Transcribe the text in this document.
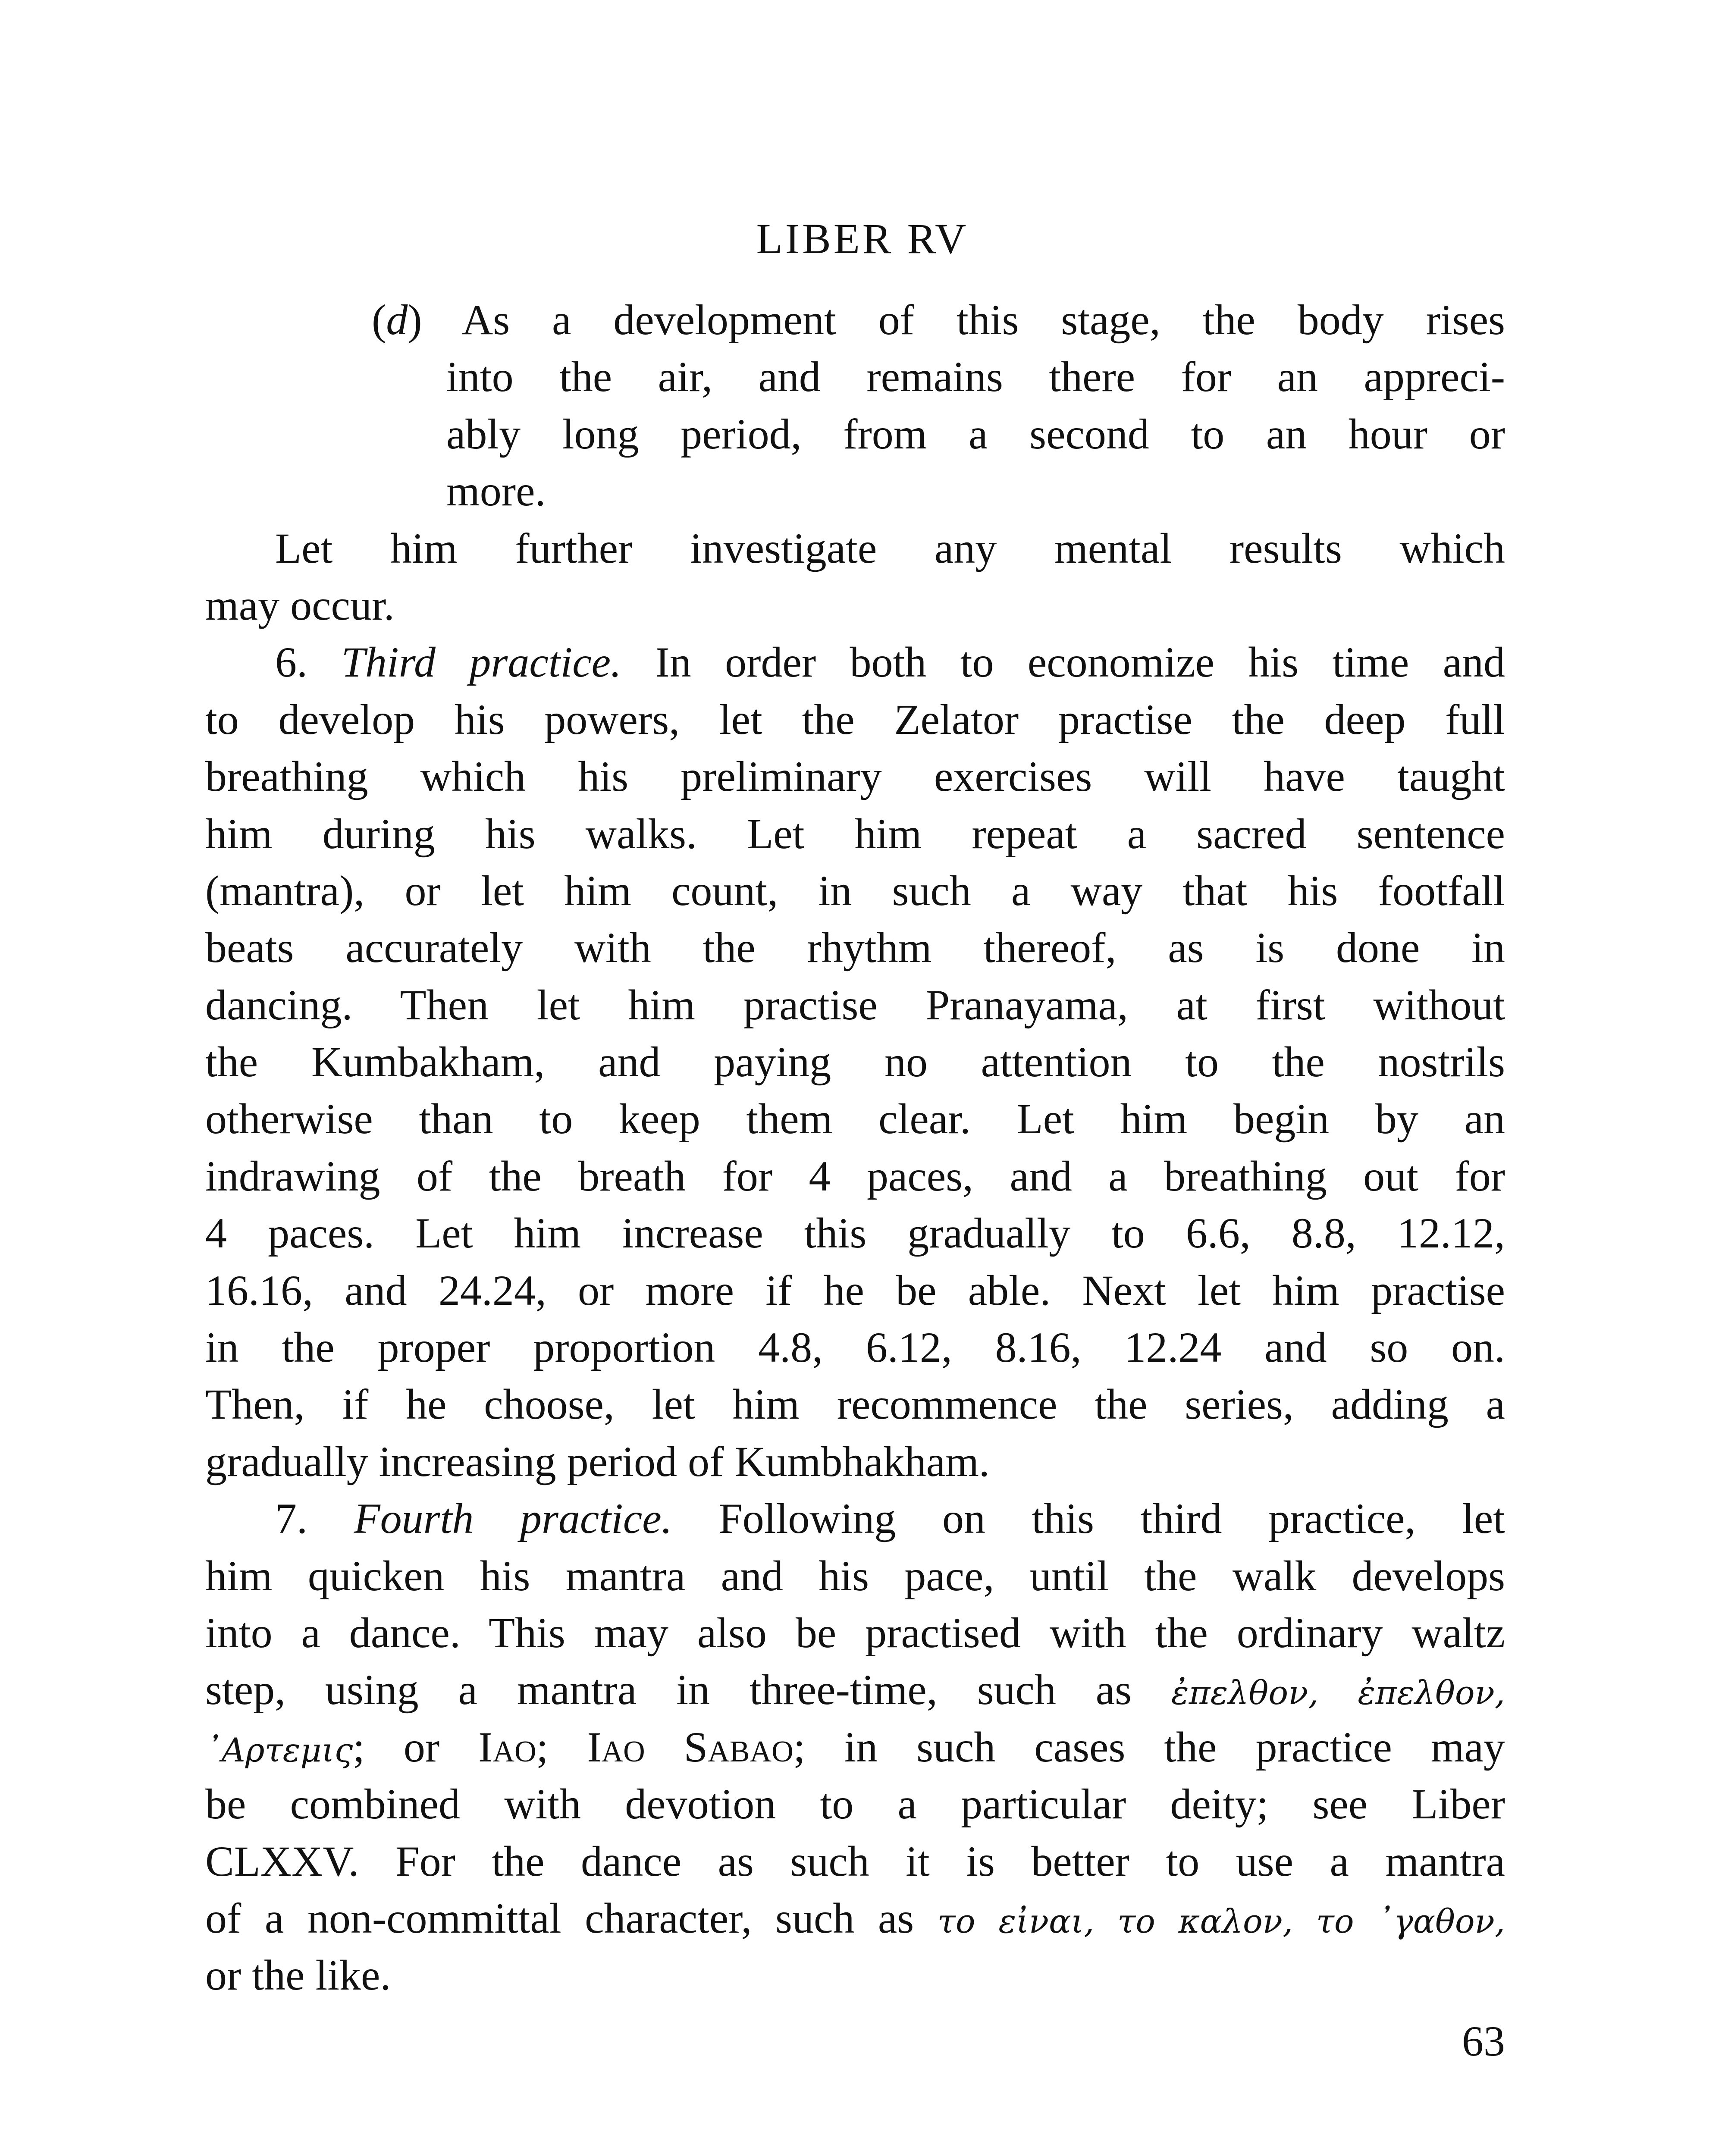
LIBER RV
(d) As a development of this stage, the body rises
into the air, and remains there for an appreci-
ably long period, from a second to an hour or
more.
Let him further investigate any mental results which
may occur.
6. Third practice. In order both to economize his time and
to develop his powers, let the Zelator practise the deep full
breathing which his preliminary exercises will have taught
him during his walks. Let him repeat a sacred sentence
(mantra), or let him count, in such a way that his footfall
beats accurately with the rhythm thereof, as is done in
dancing. Then let him practise Pranayama, at first without
the Kumbakham, and paying no attention to the nostrils
otherwise than to keep them clear. Let him begin by an
indrawing of the breath for 4 paces, and a breathing out for
4 paces. Let him increase this gradually to 6.6, 8.8, 12.12,
16.16, and 24.24, or more if he be able. Next let him practise
in the proper proportion 4.8, 6.12, 8.16, 12.24 and so on.
Then, if he choose, let him recommence the series, adding a
gradually increasing period of Kumbhakham.
7. Fourth practice. Following on this third practice, let
him quicken his mantra and his pace, until the walk develops
into a dance. This may also be practised with the ordinary waltz
step, using a mantra in three-time, such as ἐπελθον, ἐπελθον,
᾿Αρτεμις; or Iao; Iao Sabao; in such cases the practice may
be combined with devotion to a particular deity; see Liber
CLXXV. For the dance as such it is better to use a mantra
of a non-committal character, such as το εἰναι, το καλον, το ᾿γαθον,
or the like.
63
